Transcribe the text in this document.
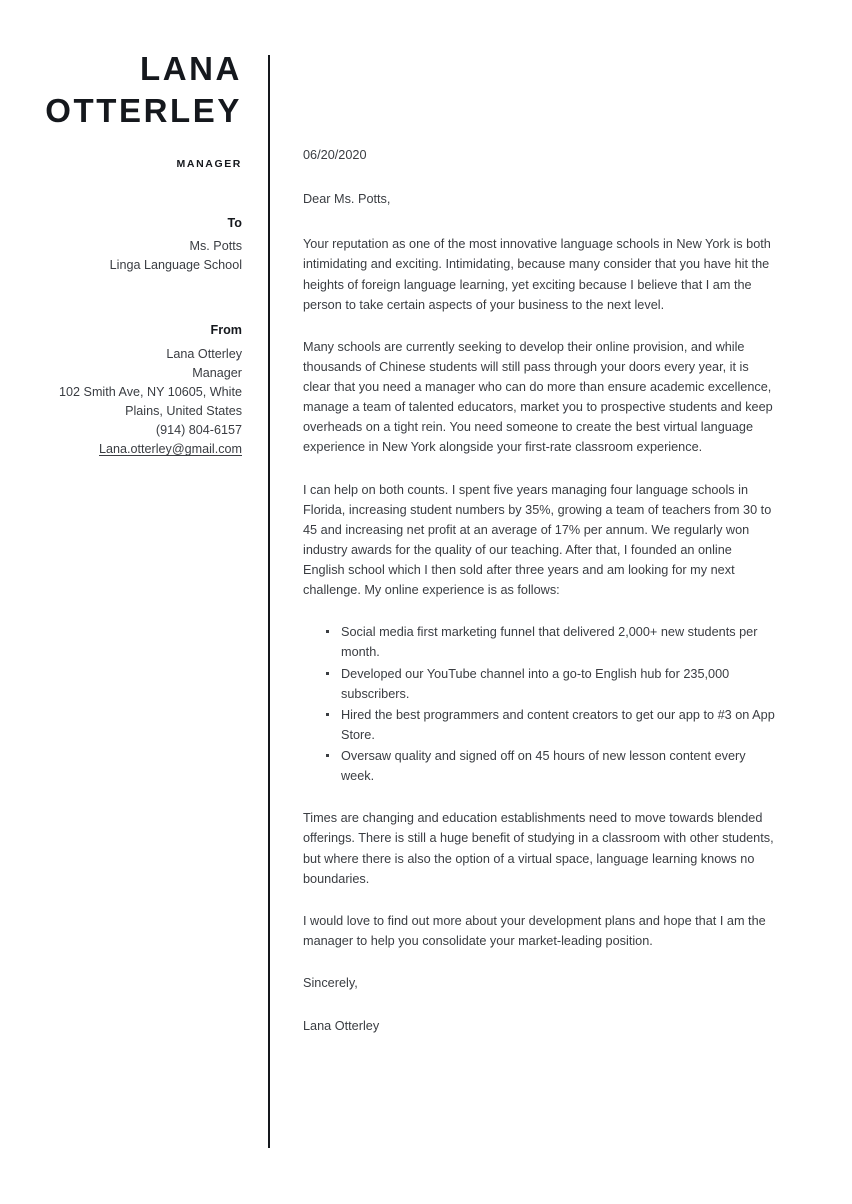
LANA
OTTERLEY
MANAGER
To
Ms. Potts
Linga Language School
From
Lana Otterley
Manager
102 Smith Ave, NY 10605, White
Plains, United States
(914) 804-6157
Lana.otterley@gmail.com

06/20/2020

Dear Ms. Potts,

Your reputation as one of the most innovative language schools in New York is both intimidating and exciting. Intimidating, because many consider that you have hit the heights of foreign language learning, yet exciting because I believe that I am the person to take certain aspects of your business to the next level.

Many schools are currently seeking to develop their online provision, and while thousands of Chinese students will still pass through your doors every year, it is clear that you need a manager who can do more than ensure academic excellence, manage a team of talented educators, market you to prospective students and keep overheads on a tight rein. You need someone to create the best virtual language experience in New York alongside your first-rate classroom experience.

I can help on both counts. I spent five years managing four language schools in Florida, increasing student numbers by 35%, growing a team of teachers from 30 to 45 and increasing net profit at an average of 17% per annum. We regularly won industry awards for the quality of our teaching. After that, I founded an online English school which I then sold after three years and am looking for my next challenge. My online experience is as follows:

Social media first marketing funnel that delivered 2,000+ new students per month.
Developed our YouTube channel into a go-to English hub for 235,000 subscribers.
Hired the best programmers and content creators to get our app to #3 on App Store.
Oversaw quality and signed off on 45 hours of new lesson content every week.

Times are changing and education establishments need to move towards blended offerings. There is still a huge benefit of studying in a classroom with other students, but where there is also the option of a virtual space, language learning knows no boundaries.

I would love to find out more about your development plans and hope that I am the manager to help you consolidate your market-leading position.

Sincerely,

Lana Otterley
